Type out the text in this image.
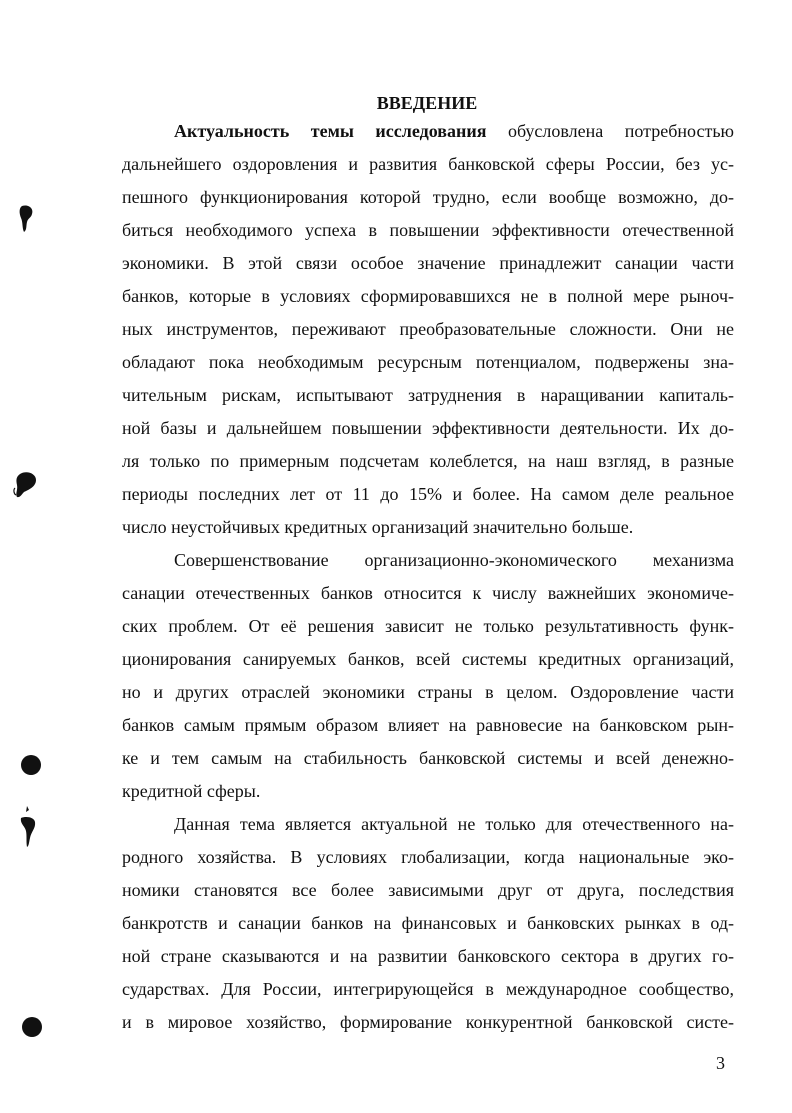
ВВЕДЕНИЕ
Актуальность темы исследования обусловлена потребностью
дальнейшего оздоровления и развития банковской сферы России, без ус-
пешного функционирования которой трудно, если вообще возможно, до-
биться необходимого успеха в повышении эффективности отечественной
экономики. В этой связи особое значение принадлежит санации части
банков, которые в условиях сформировавшихся не в полной мере рыноч-
ных инструментов, переживают преобразовательные сложности. Они не
обладают пока необходимым ресурсным потенциалом, подвержены зна-
чительным рискам, испытывают затруднения в наращивании капиталь-
ной базы и дальнейшем повышении эффективности деятельности. Их до-
ля только по примерным подсчетам колеблется, на наш взгляд, в разные
периоды последних лет от 11 до 15% и более. На самом деле реальное
число неустойчивых кредитных организаций значительно больше.
Совершенствование организационно-экономического механизма
санации отечественных банков относится к числу важнейших экономиче-
ских проблем. От её решения зависит не только результативность функ-
ционирования санируемых банков, всей системы кредитных организаций,
но и других отраслей экономики страны в целом. Оздоровление части
банков самым прямым образом влияет на равновесие на банковском рын-
ке и тем самым на стабильность банковской системы и всей денежно-
кредитной сферы.
Данная тема является актуальной не только для отечественного на-
родного хозяйства. В условиях глобализации, когда национальные эко-
номики становятся все более зависимыми друг от друга, последствия
банкротств и санации банков на финансовых и банковских рынках в од-
ной стране сказываются и на развитии банковского сектора в других го-
сударствах. Для России, интегрирующейся в международное сообщество,
и в мировое хозяйство, формирование конкурентной банковской систе-
3
